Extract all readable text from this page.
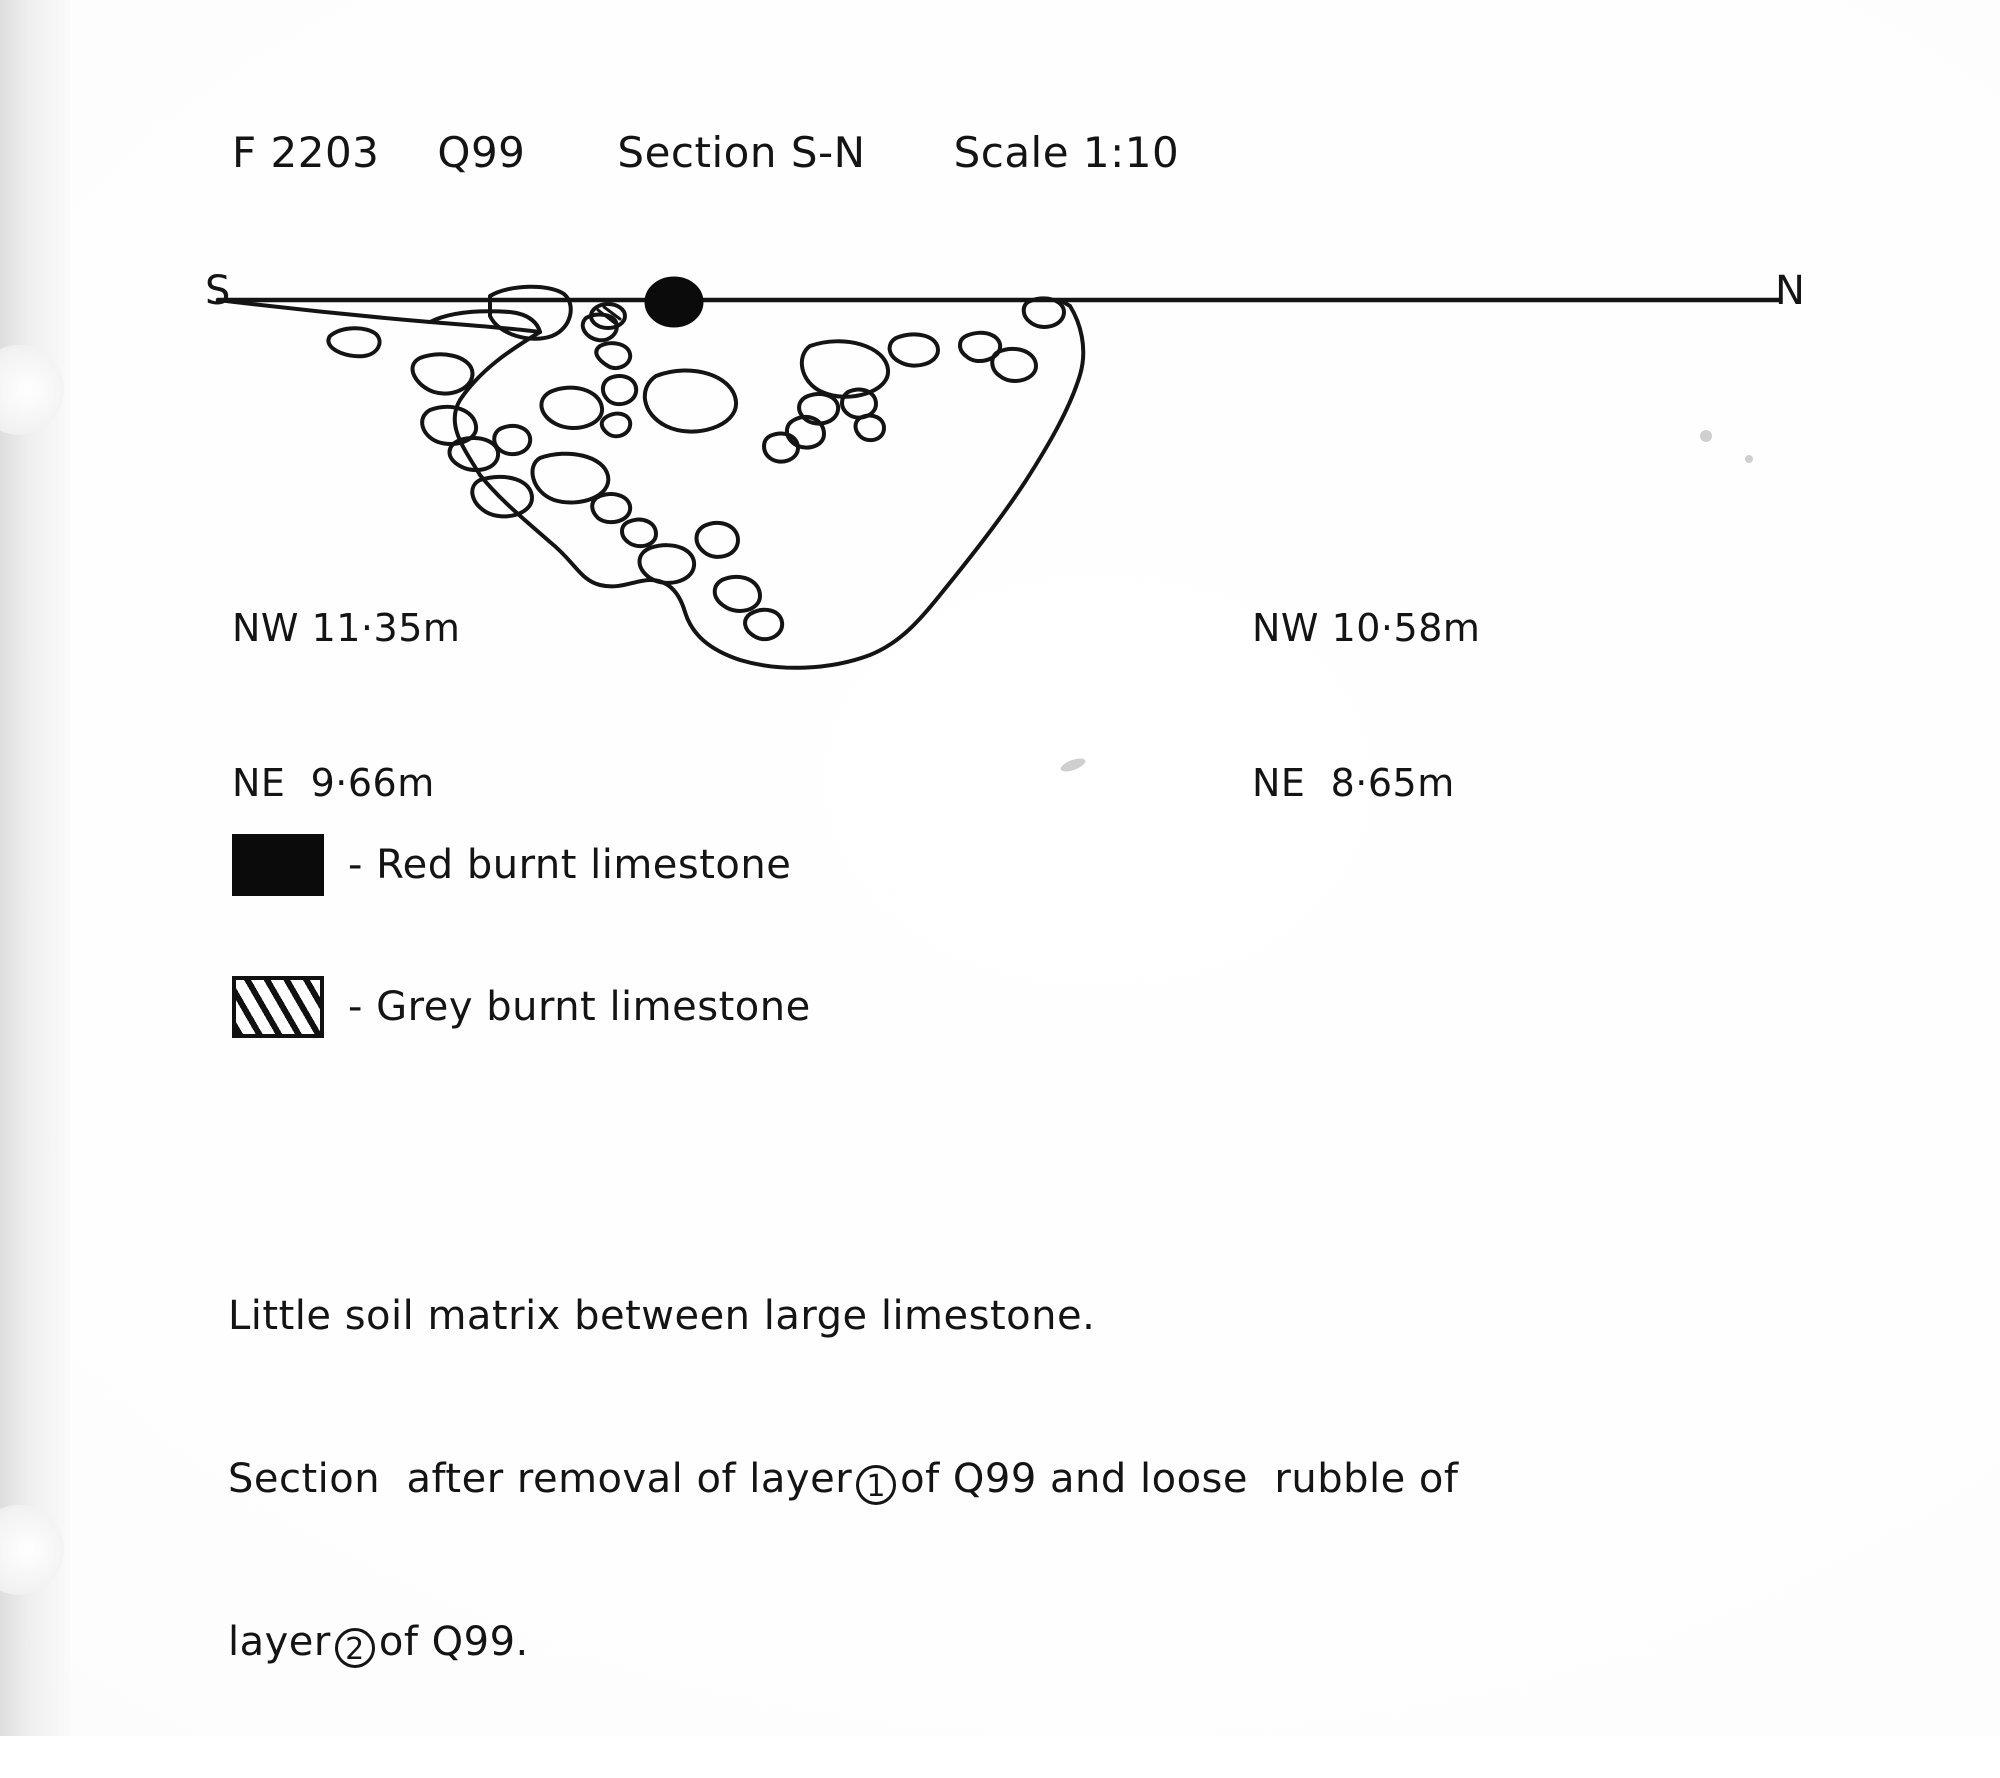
F 2203 Q99 Section S-N Scale 1:10
S	N

NW 11·35m

NE  9·66m

NW 10·58m

NE  8·65m

- Red burnt limestone
- Grey burnt limestone

Little soil matrix between large limestone.

Section  after removal of layer 1 of Q99 and loose  rubble of

layer 2 of Q99.
